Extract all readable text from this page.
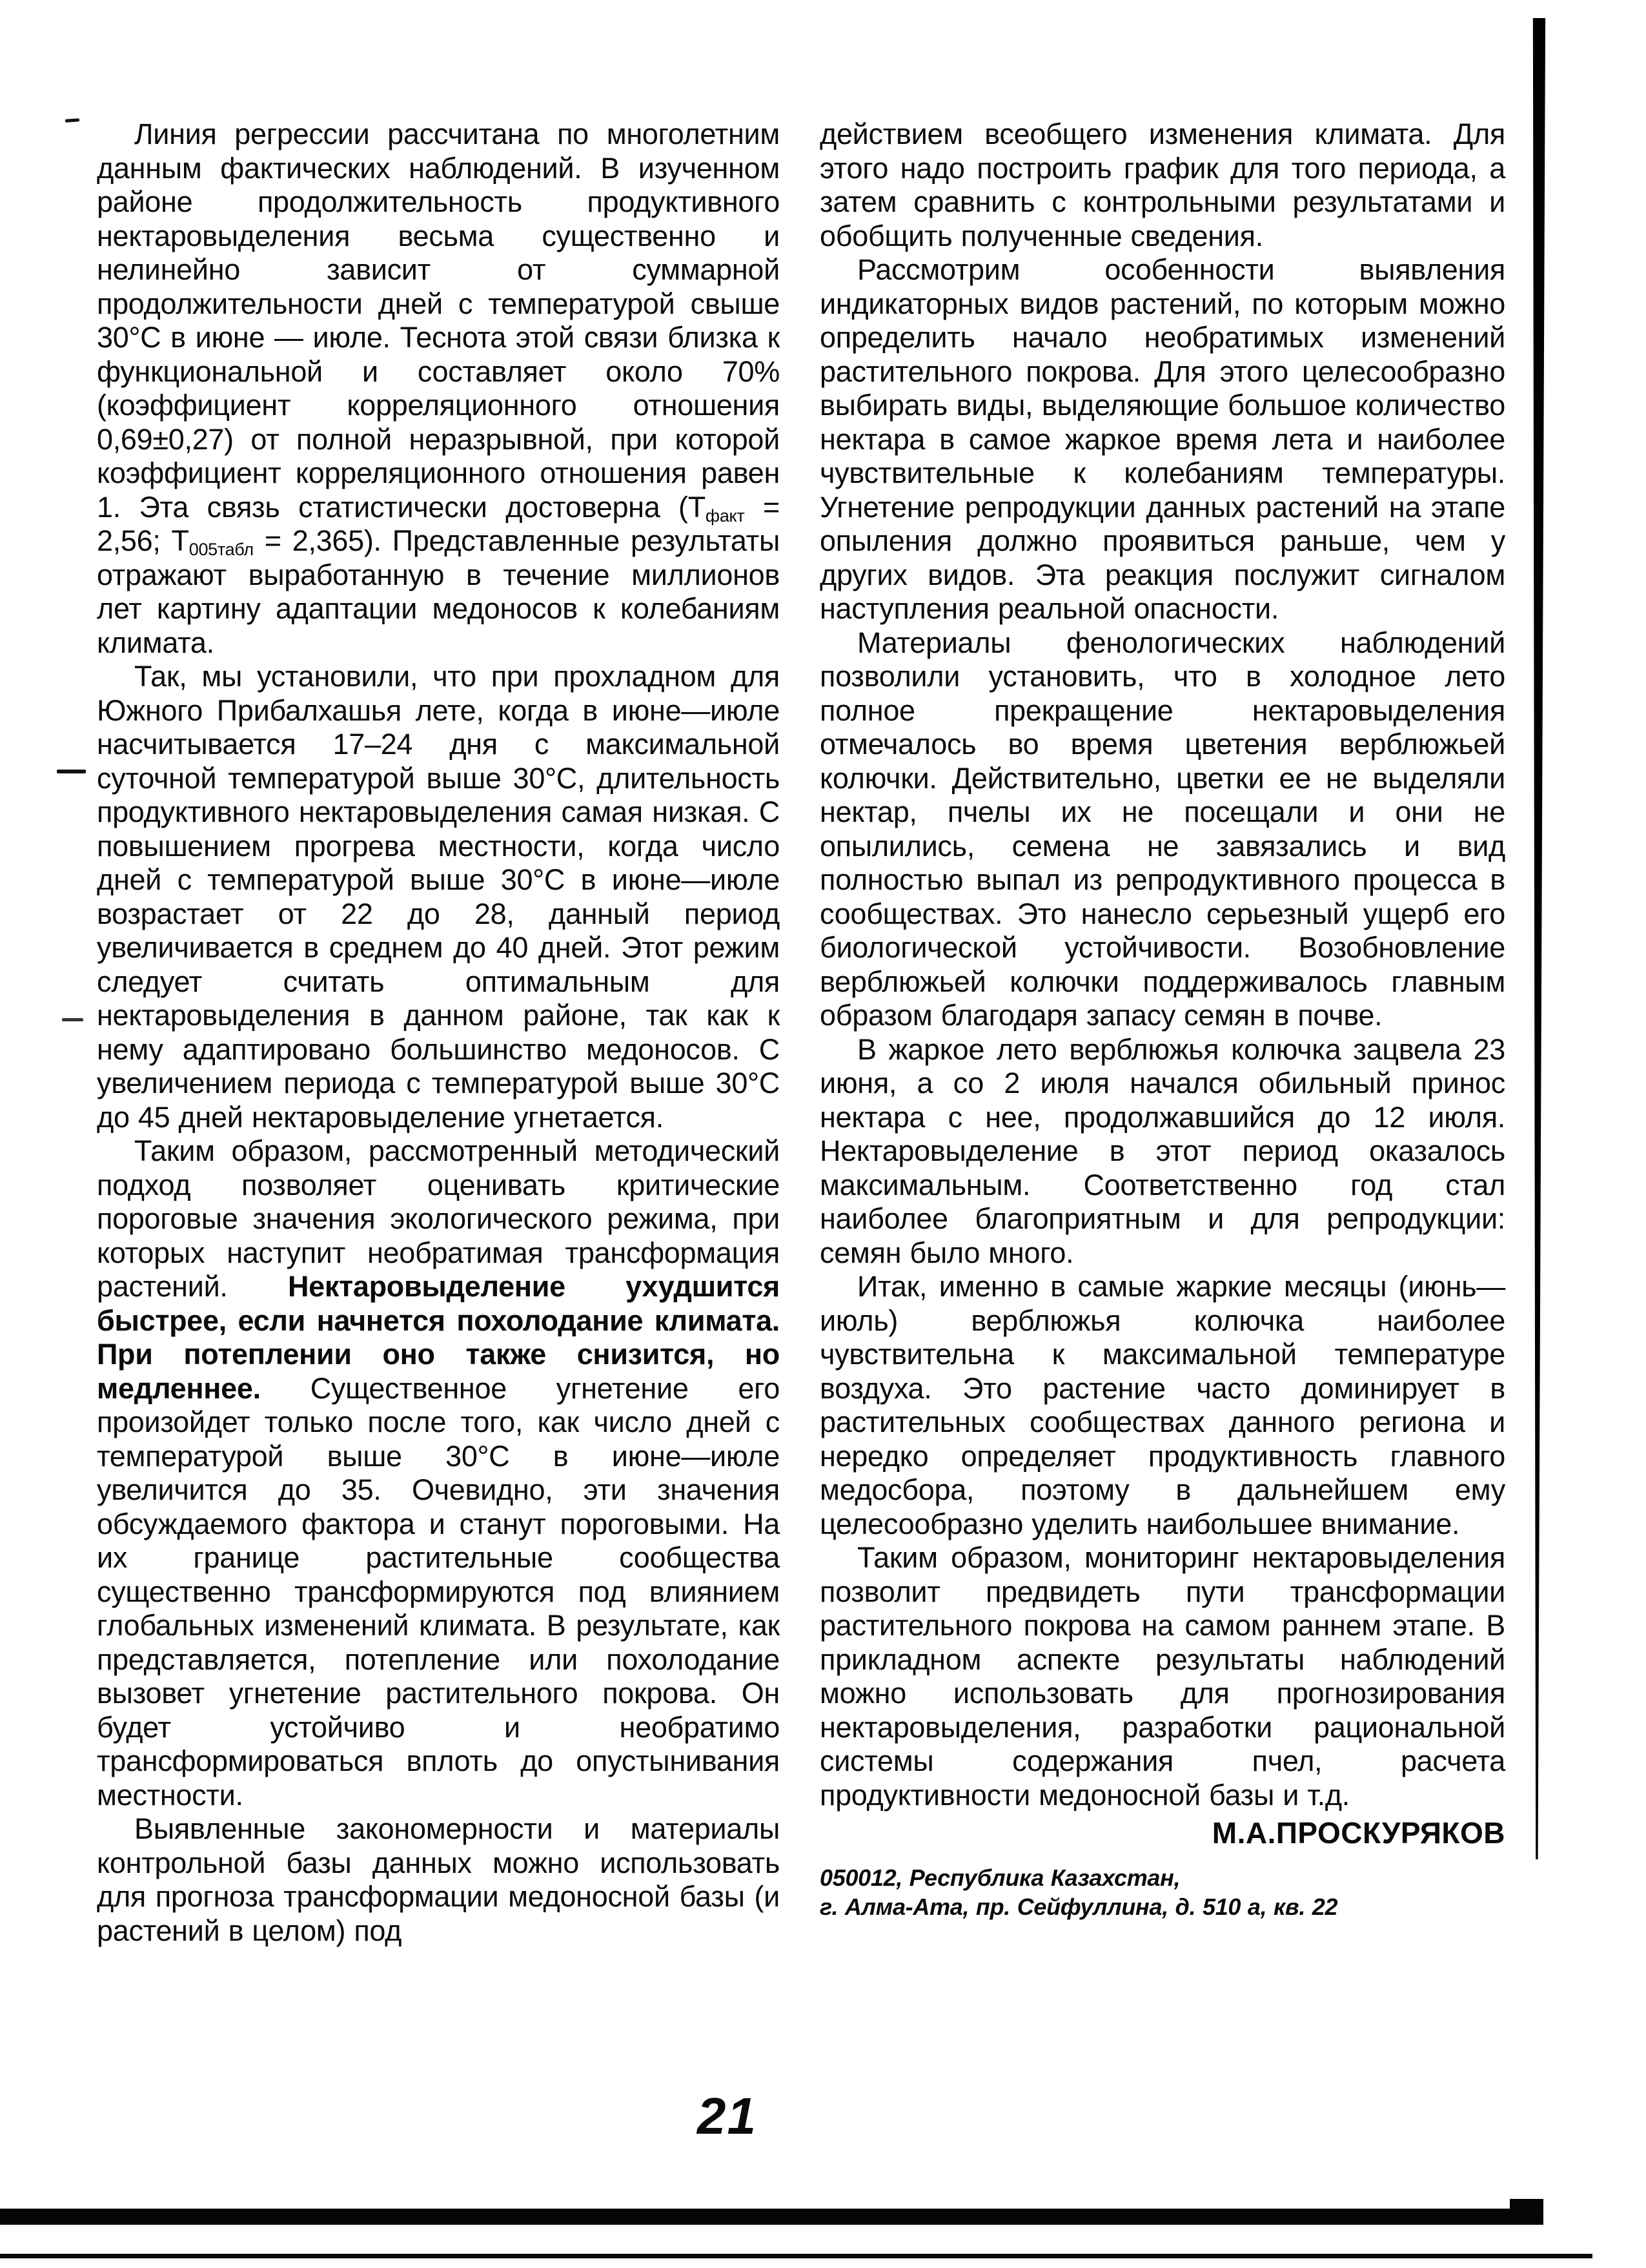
Линия регрессии рассчитана по многолетним данным фактических наблюдений. В изученном районе продолжительность продуктивного нектаровыделения весьма существенно и нелинейно зависит от суммарной продолжительности дней с температурой свыше 30°С в июне — июле. Теснота этой связи близка к функциональной и составляет около 70% (коэффициент корреляционного отношения 0,69±0,27) от полной неразрывной, при которой коэффициент корреляционного отношения равен 1. Эта связь статистически достоверна ($Т_{факт} = 2,56$; $Т_{005табл} = 2,365$). Представленные результаты отражают выработанную в течение миллионов лет картину адаптации медоносов к колебаниям климата.

Так, мы установили, что при прохладном для Южного Прибалхашья лете, когда в июне—июле насчитывается 17–24 дня с максимальной суточной температурой выше 30°С, длительность продуктивного нектаровыделения самая низкая. С повышением прогрева местности, когда число дней с температурой выше 30°С в июне—июле возрастает от 22 до 28, данный период увеличивается в среднем до 40 дней. Этот режим следует считать оптимальным для нектаровыделения в данном районе, так как к нему адаптировано большинство медоносов. С увеличением периода с температурой выше 30°С до 45 дней нектаровыделение угнетается.

Таким образом, рассмотренный методический подход позволяет оценивать критические пороговые значения экологического режима, при которых наступит необратимая трансформация растений. Нектаровыделение ухудшится быстрее, если начнется похолодание климата. При потеплении оно также снизится, но медленнее. Существенное угнетение его произойдет только после того, как число дней с температурой выше 30°С в июне—июле увеличится до 35. Очевидно, эти значения обсуждаемого фактора и станут пороговыми. На их границе растительные сообщества существенно трансформируются под влиянием глобальных изменений климата. В результате, как представляется, потепление или похолодание вызовет угнетение растительного покрова. Он будет устойчиво и необратимо трансформироваться вплоть до опустынивания местности.

Выявленные закономерности и материалы контрольной базы данных можно использовать для прогноза трансформации медоносной базы (и растений в целом) под

действием всеобщего изменения климата. Для этого надо построить график для того периода, а затем сравнить с контрольными результатами и обобщить полученные сведения.

Рассмотрим особенности выявления индикаторных видов растений, по которым можно определить начало необратимых изменений растительного покрова. Для этого целесообразно выбирать виды, выделяющие большое количество нектара в самое жаркое время лета и наиболее чувствительные к колебаниям температуры. Угнетение репродукции данных растений на этапе опыления должно проявиться раньше, чем у других видов. Эта реакция послужит сигналом наступления реальной опасности.

Материалы фенологических наблюдений позволили установить, что в холодное лето полное прекращение нектаровыделения отмечалось во время цветения верблюжьей колючки. Действительно, цветки ее не выделяли нектар, пчелы их не посещали и они не опылились, семена не завязались и вид полностью выпал из репродуктивного процесса в сообществах. Это нанесло серьезный ущерб его биологической устойчивости. Возобновление верблюжьей колючки поддерживалось главным образом благодаря запасу семян в почве.

В жаркое лето верблюжья колючка зацвела 23 июня, а со 2 июля начался обильный принос нектара с нее, продолжавшийся до 12 июля. Нектаровыделение в этот период оказалось максимальным. Соответственно год стал наиболее благоприятным и для репродукции: семян было много.

Итак, именно в самые жаркие месяцы (июнь—июль) верблюжья колючка наиболее чувствительна к максимальной температуре воздуха. Это растение часто доминирует в растительных сообществах данного региона и нередко определяет продуктивность главного медосбора, поэтому в дальнейшем ему целесообразно уделить наибольшее внимание.

Таким образом, мониторинг нектаровыделения позволит предвидеть пути трансформации растительного покрова на самом раннем этапе. В прикладном аспекте результаты наблюдений можно использовать для прогнозирования нектаровыделения, разработки рациональной системы содержания пчел, расчета продуктивности медоносной базы и т.д.

М.А.ПРОСКУРЯКОВ
050012, Республика Казахстан,
г. Алма-Ата, пр. Сейфуллина, д. 510 а, кв. 22
21
